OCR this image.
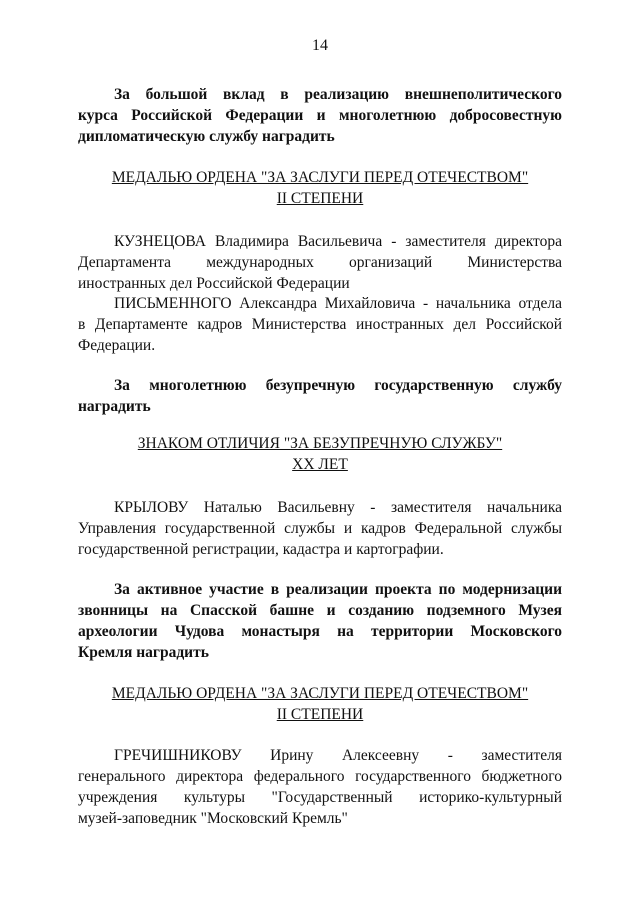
14
За большой вклад в реализацию внешнеполитического
курса Российской Федерации и многолетнюю добросовестную
дипломатическую службу наградить
МЕДАЛЬЮ ОРДЕНА "ЗА ЗАСЛУГИ ПЕРЕД ОТЕЧЕСТВОМ"
II СТЕПЕНИ
КУЗНЕЦОВА Владимира Васильевича - заместителя директора
Департамента международных организаций Министерства
иностранных дел Российской Федерации
ПИСЬМЕННОГО Александра Михайловича - начальника отдела
в Департаменте кадров Министерства иностранных дел Российской
Федерации.
За многолетнюю безупречную государственную службу
наградить
ЗНАКОМ ОТЛИЧИЯ "ЗА БЕЗУПРЕЧНУЮ СЛУЖБУ"
XX ЛЕТ
КРЫЛОВУ Наталью Васильевну - заместителя начальника
Управления государственной службы и кадров Федеральной службы
государственной регистрации, кадастра и картографии.
За активное участие в реализации проекта по модернизации
звонницы на Спасской башне и созданию подземного Музея
археологии Чудова монастыря на территории Московского
Кремля наградить
МЕДАЛЬЮ ОРДЕНА "ЗА ЗАСЛУГИ ПЕРЕД ОТЕЧЕСТВОМ"
II СТЕПЕНИ
ГРЕЧИШНИКОВУ Ирину Алексеевну - заместителя
генерального директора федерального государственного бюджетного
учреждения культуры "Государственный историко-культурный
музей-заповедник "Московский Кремль"
